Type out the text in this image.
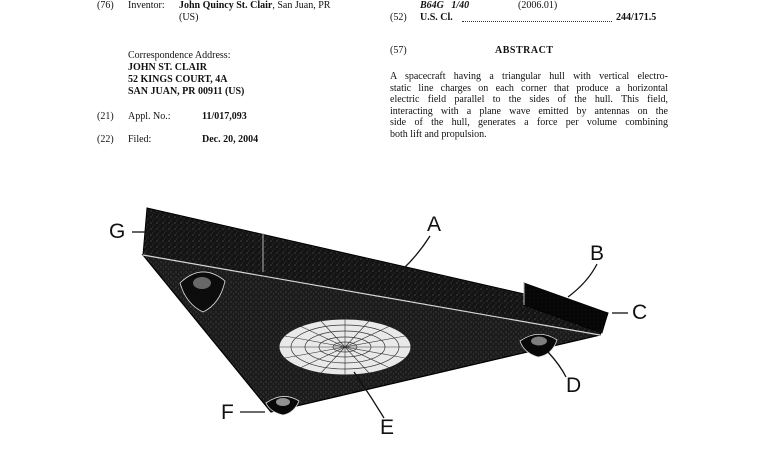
(76) Inventor: John Quincy St. Clair, San Juan, PR
(US)
Correspondence Address:
JOHN ST. CLAIR
52 KINGS COURT, 4A
SAN JUAN, PR 00911 (US)
(21) Appl. No.:	11/017,093
(22) Filed:	Dec. 20, 2004
B64G   1/40	(2006.01)
(52) U.S. Cl.	244/171.5
(57)	ABSTRACT
A spacecraft having a triangular hull with vertical electro-
static line charges on each corner that produce a horizontal
electric field parallel to the sides of the hull. This field,
interacting with a plane wave emitted by antennas on the
side of the hull, generates a force per volume combining
both lift and propulsion.
A
B
C
D
E
F
G
